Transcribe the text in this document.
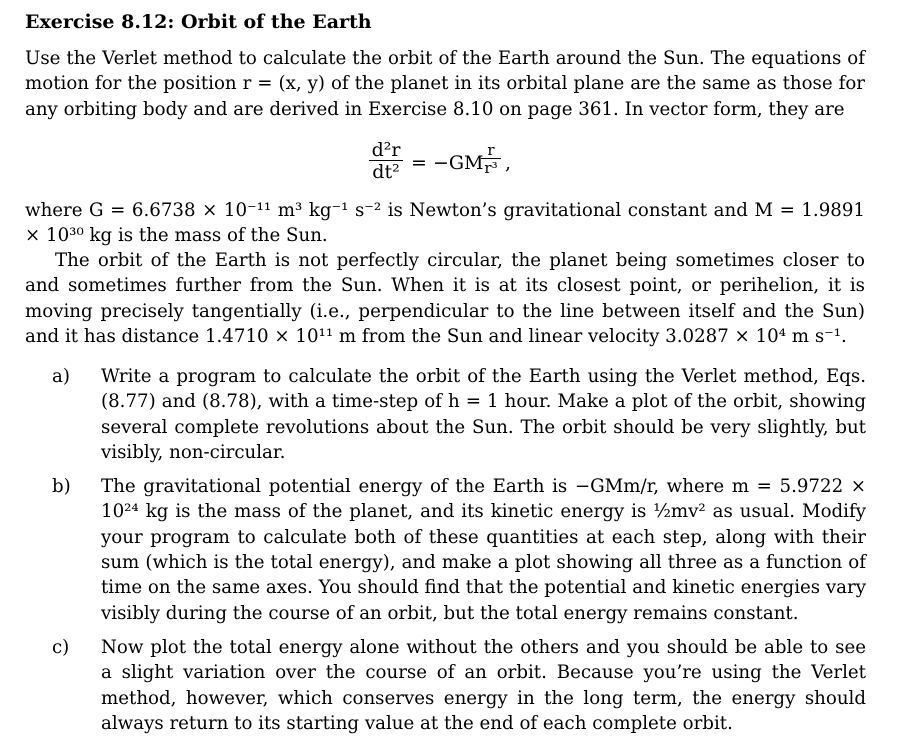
Exercise 8.12: Orbit of the Earth
Use the Verlet method to calculate the orbit of the Earth around the Sun. The equations of motion for the position r = (x, y) of the planet in its orbital plane are the same as those for any orbiting body and are derived in Exercise 8.10 on page 361. In vector form, they are
d²r
dt² = −GM
r
r³ ,
where G = 6.6738 × 10⁻¹¹ m³ kg⁻¹ s⁻² is Newton’s gravitational constant and M = 1.9891 × 10³⁰ kg is the mass of the Sun.
The orbit of the Earth is not perfectly circular, the planet being sometimes closer to and sometimes further from the Sun. When it is at its closest point, or perihelion, it is moving precisely tangentially (i.e., perpendicular to the line between itself and the Sun) and it has distance 1.4710 × 10¹¹ m from the Sun and linear velocity 3.0287 × 10⁴ m s⁻¹.
a) Write a program to calculate the orbit of the Earth using the Verlet method, Eqs. (8.77) and (8.78), with a time-step of h = 1 hour. Make a plot of the orbit, showing several complete revolutions about the Sun. The orbit should be very slightly, but visibly, non-circular.
b) The gravitational potential energy of the Earth is −GMm/r, where m = 5.9722 × 10²⁴ kg is the mass of the planet, and its kinetic energy is ½mv² as usual. Modify your program to calculate both of these quantities at each step, along with their sum (which is the total energy), and make a plot showing all three as a function of time on the same axes. You should find that the potential and kinetic energies vary visibly during the course of an orbit, but the total energy remains constant.
c) Now plot the total energy alone without the others and you should be able to see a slight variation over the course of an orbit. Because you’re using the Verlet method, however, which conserves energy in the long term, the energy should always return to its starting value at the end of each complete orbit.
